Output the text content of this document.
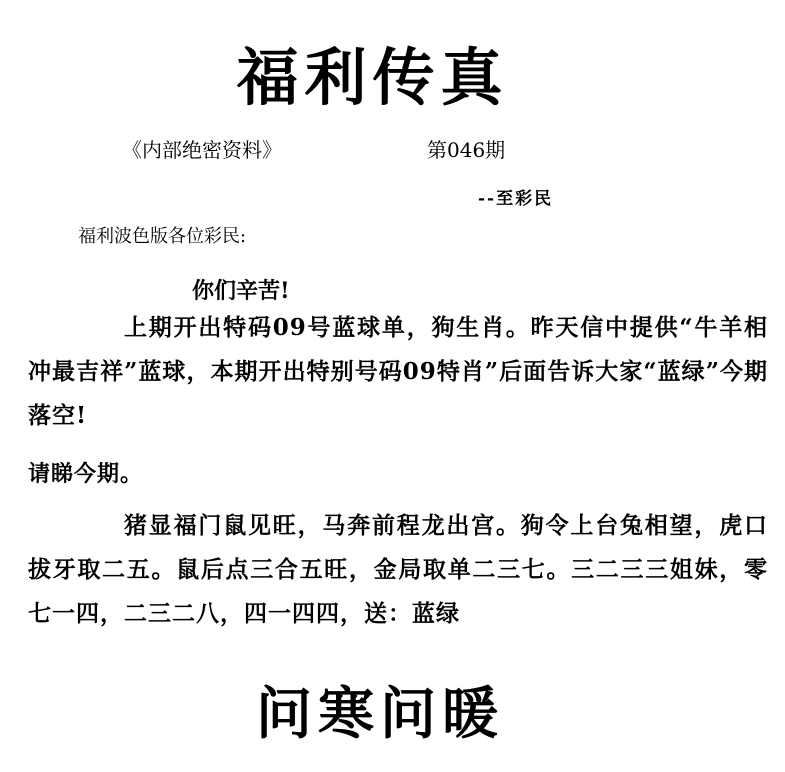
福利传真
《内部绝密资料》	第046期
--至彩民
福利波色版各位彩民:
你们辛苦!
上期开出特码09号蓝球单，狗生肖。昨天信中提供“牛羊相冲最吉祥”蓝球，本期开出特别号码09特肖”后面告诉大家“蓝绿”今期落空!
请睇今期。
猪显福门鼠见旺，马奔前程龙出宫。狗令上台兔相望，虎口拔牙取二五。鼠后点三合五旺，金局取单二三七。三二三三姐妹，零七一四，二三二八，四一四四，送：蓝绿
问寒问暖
